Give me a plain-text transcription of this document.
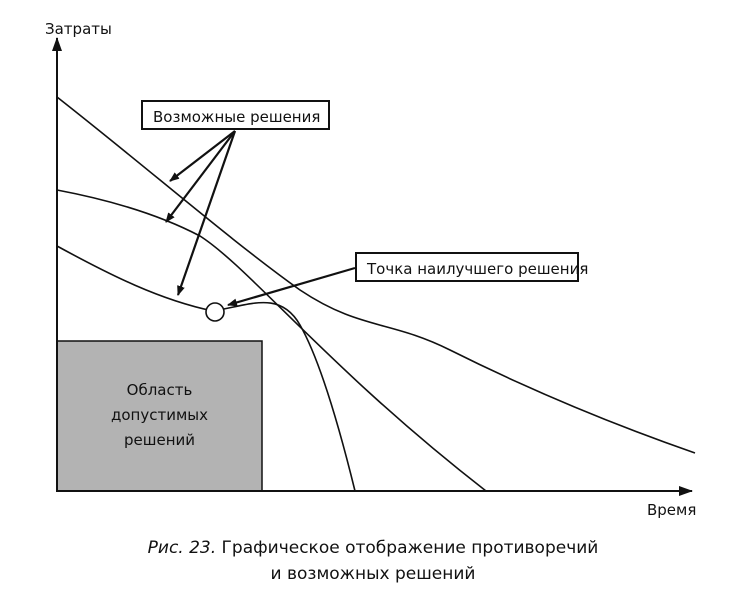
Затраты
Время
Возможные решения
Точка наилучшего решения
Область
допустимых
решений
Рис. 23. Графическое отображение противоречий
и возможных решений
